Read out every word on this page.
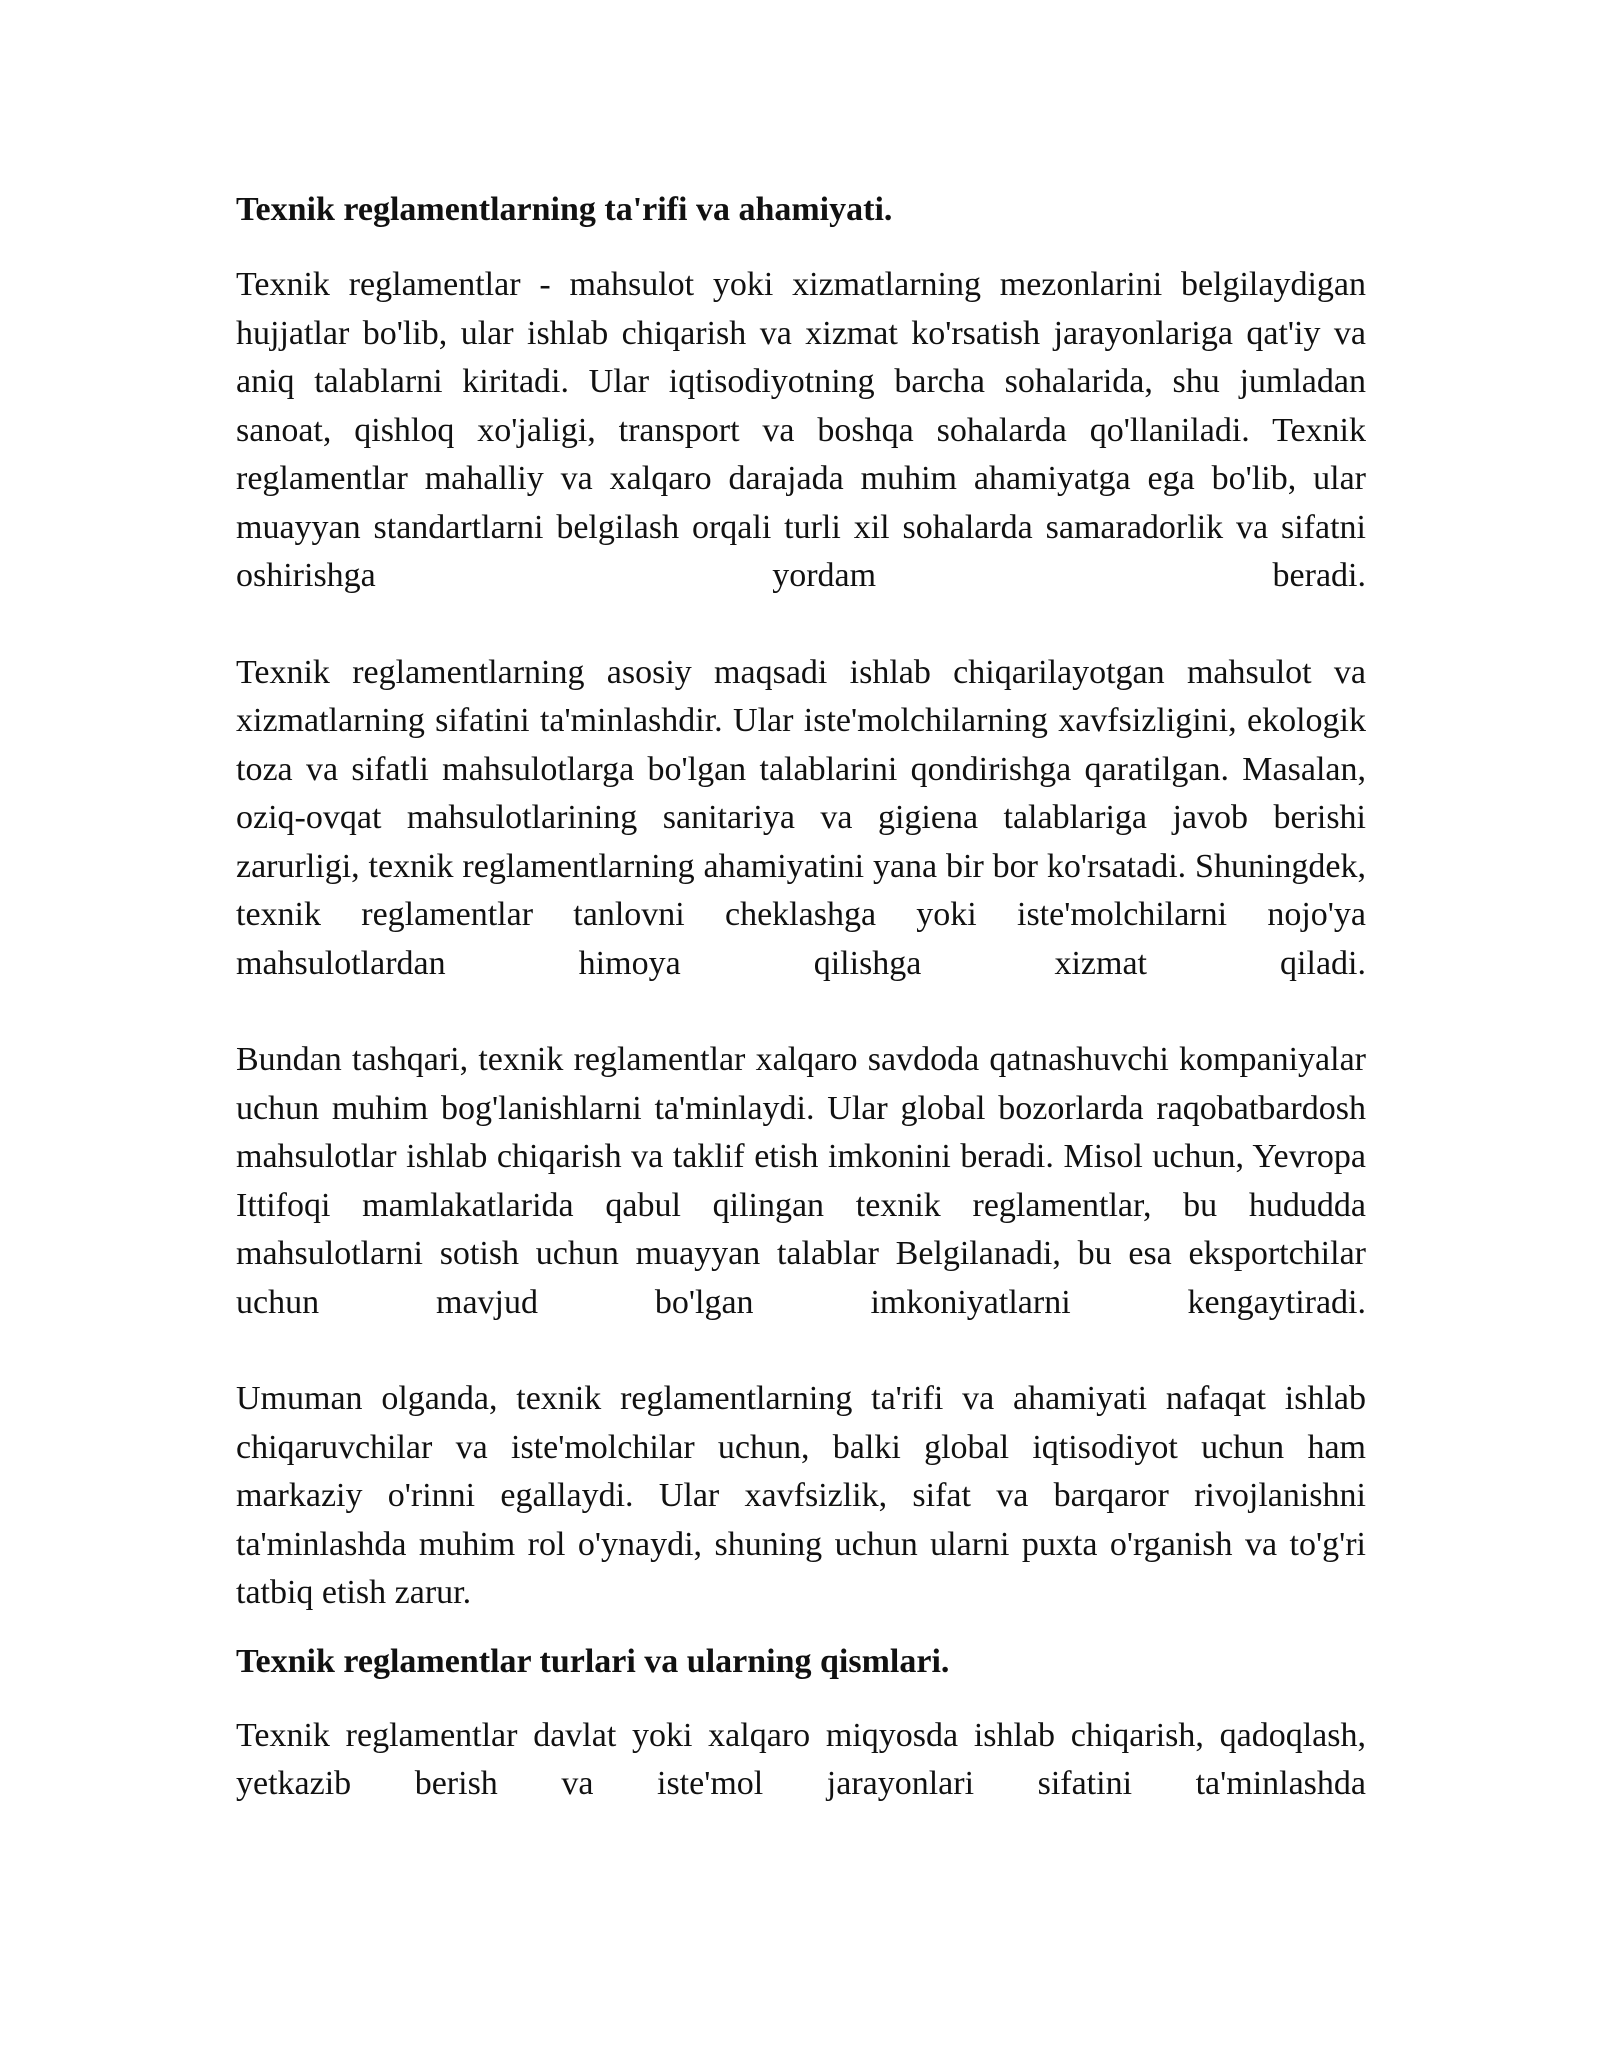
Texnik reglamentlarning ta'rifi va ahamiyati.

Texnik reglamentlar - mahsulot yoki xizmatlarning mezonlarini belgilaydigan hujjatlar bo'lib, ular ishlab chiqarish va xizmat ko'rsatish jarayonlariga qat'iy va aniq talablarni kiritadi. Ular iqtisodiyotning barcha sohalarida, shu jumladan sanoat, qishloq xo'jaligi, transport va boshqa sohalarda qo'llaniladi. Texnik reglamentlar mahalliy va xalqaro darajada muhim ahamiyatga ega bo'lib, ular muayyan standartlarni belgilash orqali turli xil sohalarda samaradorlik va sifatni oshirishga yordam beradi.

Texnik reglamentlarning asosiy maqsadi ishlab chiqarilayotgan mahsulot va xizmatlarning sifatini ta'minlashdir. Ular iste'molchilarning xavfsizligini, ekologik toza va sifatli mahsulotlarga bo'lgan talablarini qondirishga qaratilgan. Masalan, oziq-ovqat mahsulotlarining sanitariya va gigiena talablariga javob berishi zarurligi, texnik reglamentlarning ahamiyatini yana bir bor ko'rsatadi. Shuningdek, texnik reglamentlar tanlovni cheklashga yoki iste'molchilarni nojo'ya mahsulotlardan himoya qilishga xizmat qiladi.

Bundan tashqari, texnik reglamentlar xalqaro savdoda qatnashuvchi kompaniyalar uchun muhim bog'lanishlarni ta'minlaydi. Ular global bozorlarda raqobatbardosh mahsulotlar ishlab chiqarish va taklif etish imkonini beradi. Misol uchun, Yevropa Ittifoqi mamlakatlarida qabul qilingan texnik reglamentlar, bu hududda mahsulotlarni sotish uchun muayyan talablar Belgilanadi, bu esa eksportchilar uchun mavjud bo'lgan imkoniyatlarni kengaytiradi.

Umuman olganda, texnik reglamentlarning ta'rifi va ahamiyati nafaqat ishlab chiqaruvchilar va iste'molchilar uchun, balki global iqtisodiyot uchun ham markaziy o'rinni egallaydi. Ular xavfsizlik, sifat va barqaror rivojlanishni ta'minlashda muhim rol o'ynaydi, shuning uchun ularni puxta o'rganish va to'g'ri tatbiq etish zarur.

Texnik reglamentlar turlari va ularning qismlari.

Texnik reglamentlar davlat yoki xalqaro miqyosda ishlab chiqarish, qadoqlash, yetkazib berish va iste'mol jarayonlari sifatini ta'minlashda
